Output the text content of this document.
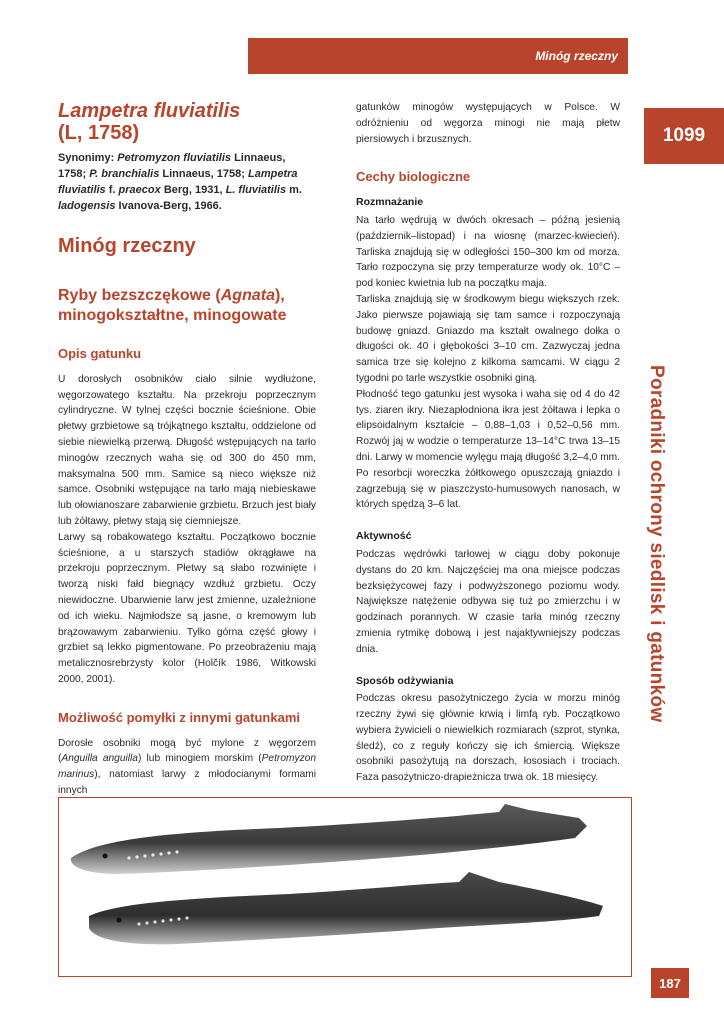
Minóg rzeczny
1099
Poradniki ochrony siedlisk i gatunków
Lampetra fluviatilis
(L, 1758)
Synonimy: Petromyzon fluviatilis Linnaeus, 1758; P. branchialis Linnaeus, 1758; Lampetra fluviatilis f. praecox Berg, 1931, L. fluviatilis m. ladogensis Ivanova-Berg, 1966.
Minóg rzeczny
Ryby bezszczękowe (Agnata), minogokształtne, minogowate
Opis gatunku

U dorosłych osobników ciało silnie wydłużone, węgorzowatego kształtu. Na przekroju poprzecznym cylindryczne. W tylnej części bocznie ścieśnione. Obie płetwy grzbietowe są trójkątnego kształtu, oddzielone od siebie niewielką przerwą. Długość wstępujących na tarło minogów rzecznych waha się od 300 do 450 mm, maksymalna 500 mm. Samice są nieco większe niż samce. Osobniki wstępujące na tarło mają niebieskawe lub ołowianoszare zabarwienie grzbietu. Brzuch jest biały lub żółtawy, płetwy stają się ciemniejsze.

Larwy są robakowatego kształtu. Początkowo bocznie ścieśnione, a u starszych stadiów okrągławe na przekroju poprzecznym. Płetwy są słabo rozwinięte i tworzą niski fałd biegnący wzdłuż grzbietu. Oczy niewidoczne. Ubarwienie larw jest zmienne, uzależnione od ich wieku. Najmłodsze są jasne, o kremowym lub brązowawym zabarwieniu. Tylko górna część głowy i grzbiet są lekko pigmentowane. Po przeobrażeniu mają metalicznosrebrzysty kolor (Holčík 1986, Witkowski 2000, 2001).

Możliwość pomyłki z innymi gatunkami

Dorosłe osobniki mogą być mylone z węgorzem (Anguilla anguilla) lub minogiem morskim (Petromyzon marinus), natomiast larwy z młodocianymi formami innych

gatunków minogów występujących w Polsce. W odróżnieniu od węgorza minogi nie mają płetw piersiowych i brzusznych.

Cechy biologiczne
Rozmnażanie

Na tarło wędrują w dwóch okresach – późną jesienią (październik–listopad) i na wiosnę (marzec-kwiecień). Tarliska znajdują się w odległości 150–300 km od morza. Tarło rozpoczyna się przy temperaturze wody ok. 10°C – pod koniec kwietnia lub na początku maja.

Tarliska znajdują się w środkowym biegu większych rzek. Jako pierwsze pojawiają się tam samce i rozpoczynają budowę gniazd. Gniazdo ma kształt owalnego dołka o długości ok. 40 i głębokości 3–10 cm. Zazwyczaj jedna samica trze się kolejno z kilkoma samcami. W ciągu 2 tygodni po tarle wszystkie osobniki giną.

Płodność tego gatunku jest wysoka i waha się od 4 do 42 tys. ziaren ikry. Niezapłodniona ikra jest żółtawa i lepka o elipsoidalnym kształcie – 0,88–1,03 i 0,52–0,56 mm. Rozwój jaj w wodzie o temperaturze 13–14°C trwa 13–15 dni. Larwy w momencie wylęgu mają długość 3,2–4,0 mm. Po resorbcji woreczka żółtkowego opuszczają gniazdo i zagrzebują się w piaszczysto-humusowych nanosach, w których spędzą 3–6 lat.

Aktywność

Podczas wędrówki tarłowej w ciągu doby pokonuje dystans do 20 km. Najczęściej ma ona miejsce podczas bezksiężycowej fazy i podwyższonego poziomu wody. Największe natężenie odbywa się tuż po zmierzchu i w godzinach porannych. W czasie tarła minóg rzeczny zmienia rytmikę dobową i jest najaktywniejszy podczas dnia.

Sposób odżywiania

Podczas okresu pasożytniczego życia w morzu minóg rzeczny żywi się głównie krwią i limfą ryb. Początkowo wybiera żywicieli o niewielkich rozmiarach (szprot, stynka, śledź), co z reguły kończy się ich śmiercią. Większe osobniki pasożytują na dorszach, łososiach i trociach. Faza pasożytniczo-drapieżnicza trwa ok. 18 miesięcy.

187
